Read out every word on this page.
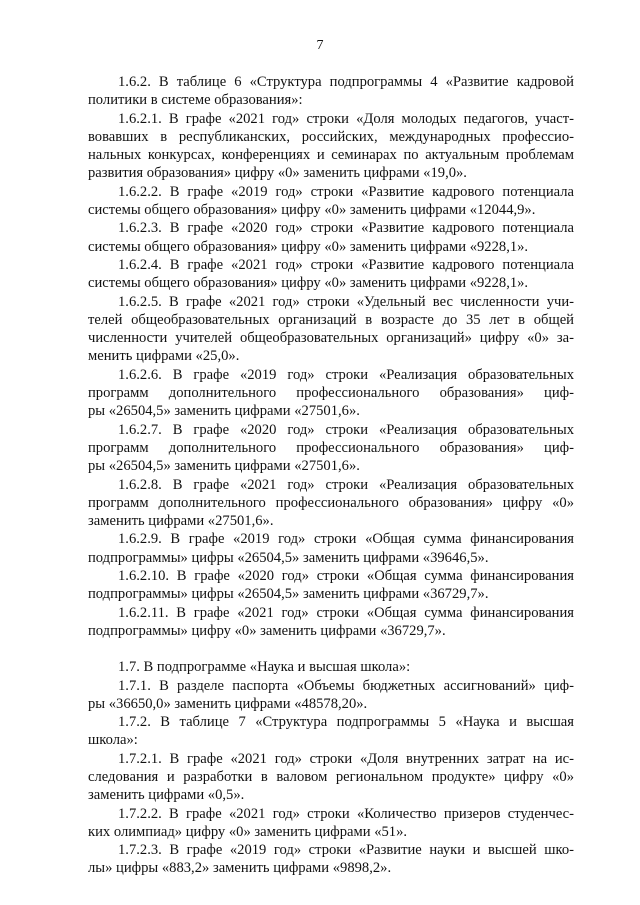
7
1.6.2. В таблице 6 «Структура подпрограммы 4 «Развитие кадровой
политики в системе образования»:
1.6.2.1. В графе «2021 год» строки «Доля молодых педагогов, участ-
вовавших в республиканских, российских, международных профессио-
нальных конкурсах, конференциях и семинарах по актуальным проблемам
развития образования» цифру «0» заменить цифрами «19,0».
1.6.2.2. В графе «2019 год» строки «Развитие кадрового потенциала
системы общего образования» цифру «0» заменить цифрами «12044,9».
1.6.2.3. В графе «2020 год» строки «Развитие кадрового потенциала
системы общего образования» цифру «0» заменить цифрами «9228,1».
1.6.2.4. В графе «2021 год» строки «Развитие кадрового потенциала
системы общего образования» цифру «0» заменить цифрами «9228,1».
1.6.2.5. В графе «2021 год» строки «Удельный вес численности учи-
телей общеобразовательных организаций в возрасте до 35 лет в общей
численности учителей общеобразовательных организаций» цифру «0» за-
менить цифрами «25,0».
1.6.2.6. В графе «2019 год» строки «Реализация образовательных
программ дополнительного профессионального образования» циф-
ры «26504,5» заменить цифрами «27501,6».
1.6.2.7. В графе «2020 год» строки «Реализация образовательных
программ дополнительного профессионального образования» циф-
ры «26504,5» заменить цифрами «27501,6».
1.6.2.8. В графе «2021 год» строки «Реализация образовательных
программ дополнительного профессионального образования» цифру «0»
заменить цифрами «27501,6».
1.6.2.9. В графе «2019 год» строки «Общая сумма финансирования
подпрограммы» цифры «26504,5» заменить цифрами «39646,5».
1.6.2.10. В графе «2020 год» строки «Общая сумма финансирования
подпрограммы» цифры «26504,5» заменить цифрами «36729,7».
1.6.2.11. В графе «2021 год» строки «Общая сумма финансирования
подпрограммы» цифру «0» заменить цифрами «36729,7».
1.7. В подпрограмме «Наука и высшая школа»:
1.7.1. В разделе паспорта «Объемы бюджетных ассигнований» циф-
ры «36650,0» заменить цифрами «48578,20».
1.7.2. В таблице 7 «Структура подпрограммы 5 «Наука и высшая
школа»:
1.7.2.1. В графе «2021 год» строки «Доля внутренних затрат на ис-
следования и разработки в валовом региональном продукте» цифру «0»
заменить цифрами «0,5».
1.7.2.2. В графе «2021 год» строки «Количество призеров студенчес-
ких олимпиад» цифру «0» заменить цифрами «51».
1.7.2.3. В графе «2019 год» строки «Развитие науки и высшей шко-
лы» цифры «883,2» заменить цифрами «9898,2».
